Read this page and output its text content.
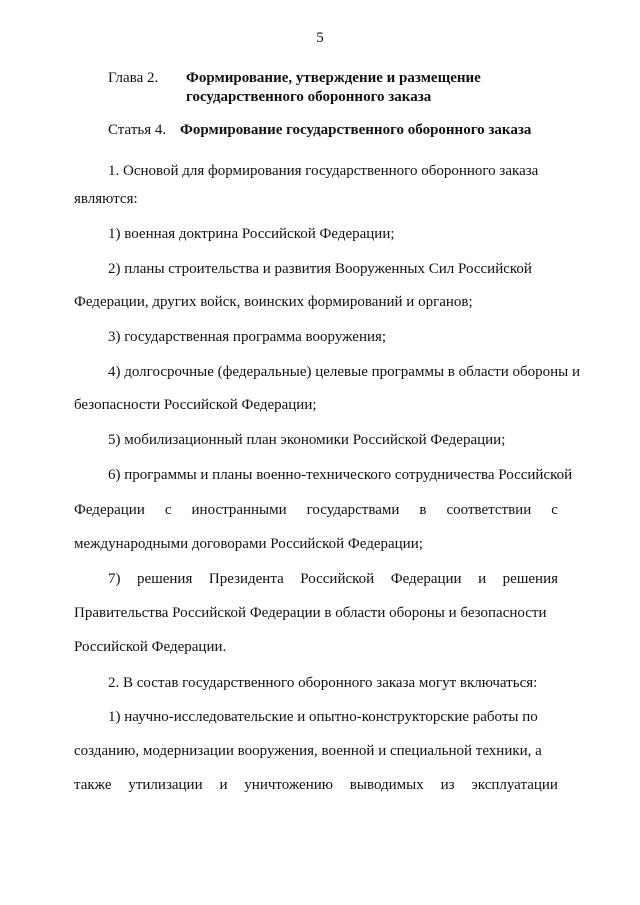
5
Глава 2.	Формирование, утверждение и размещение государственного оборонного заказа
Статья 4. Формирование государственного оборонного заказа
1. Основой для формирования государственного оборонного заказа
являются:
1) военная доктрина Российской Федерации;
2) планы строительства и развития Вооруженных Сил Российской
Федерации, других войск, воинских формирований и органов;
3) государственная программа вооружения;
4) долгосрочные (федеральные) целевые программы в области обороны и
безопасности Российской Федерации;
5) мобилизационный план экономики Российской Федерации;
6) программы и планы военно-технического сотрудничества Российской
Федерации с иностранными государствами в соответствии с
международными договорами Российской Федерации;
7) решения Президента Российской Федерации и решения
Правительства Российской Федерации в области обороны и безопасности
Российской Федерации.
2. В состав государственного оборонного заказа могут включаться:
1) научно-исследовательские и опытно-конструкторские работы по
созданию, модернизации вооружения, военной и специальной техники, а
также утилизации и уничтожению выводимых из эксплуатации
